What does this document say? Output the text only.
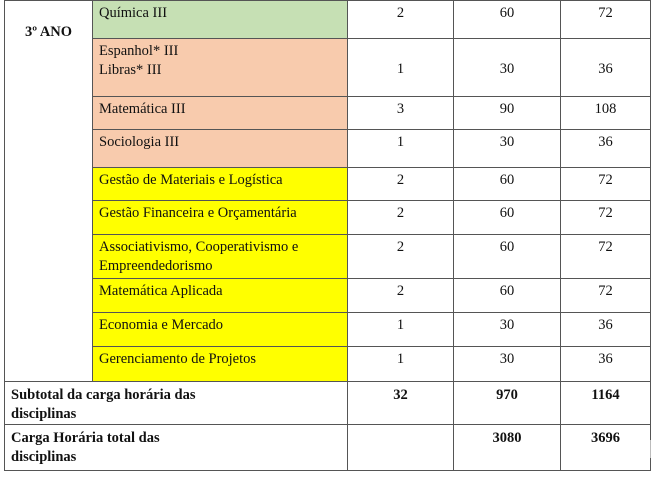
3º ANO	Química III	2	60	72

	Espanhol* III
Libras* III	1	30	36

	Matemática III	3	90	108

	Sociologia III	1	30	36

	Gestão de Materiais e Logística	2	60	72

	Gestão Financeira e Orçamentária	2	60	72

	Associativismo, Cooperativismo e
Empreendedorismo	2	60	72

	Matemática Aplicada	2	60	72

	Economia e Mercado	1	30	36

	Gerenciamento de Projetos	1	30	36

Subtotal da carga horária das
disciplinas		32	970	1164

Carga Horária total das
disciplinas			3080	3696
